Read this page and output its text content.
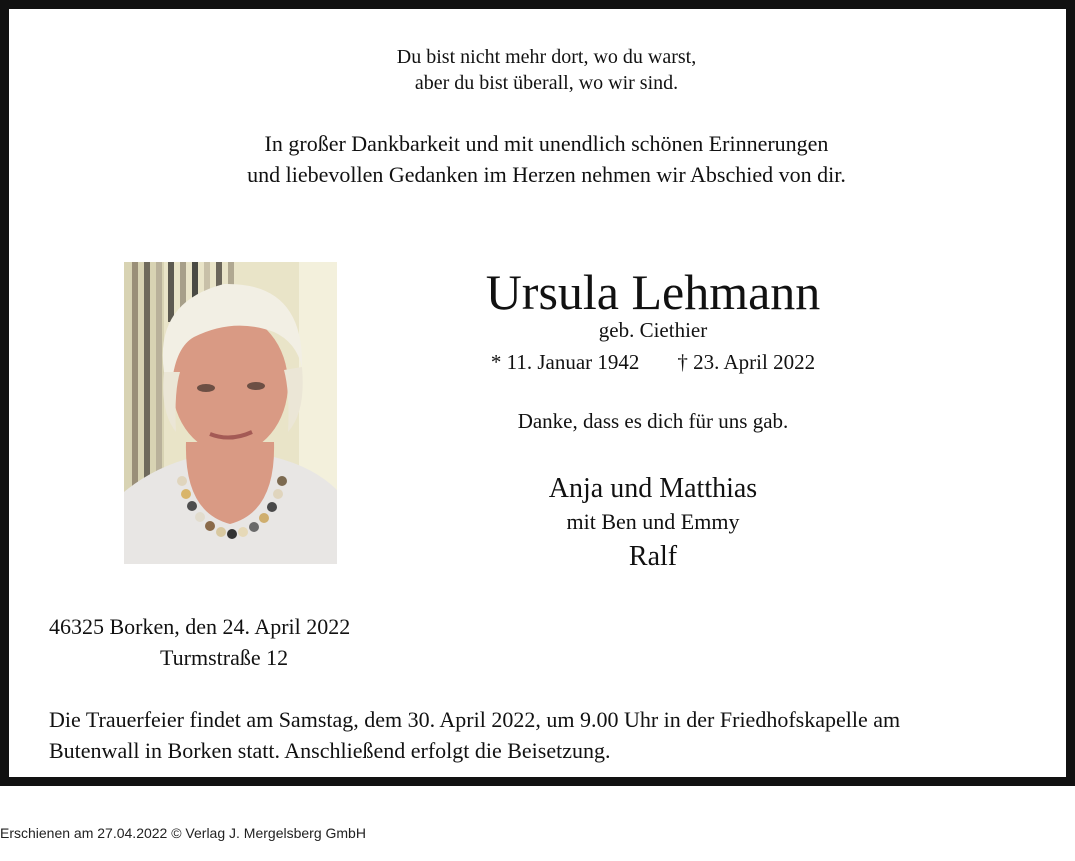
Du bist nicht mehr dort, wo du warst,
aber du bist überall, wo wir sind.
In großer Dankbarkeit und mit unendlich schönen Erinnerungen
und liebevollen Gedanken im Herzen nehmen wir Abschied von dir.
Ursula Lehmann
geb. Ciethier
* 11. Januar 1942 † 23. April 2022
Danke, dass es dich für uns gab.
Anja und Matthias
mit Ben und Emmy
Ralf
46325 Borken, den 24. April 2022
Turmstraße 12
Die Trauerfeier findet am Samstag, dem 30. April 2022, um 9.00 Uhr in der Friedhofskapelle am
Butenwall in Borken statt. Anschließend erfolgt die Beisetzung.
Erschienen am 27.04.2022 © Verlag J. Mergelsberg GmbH
